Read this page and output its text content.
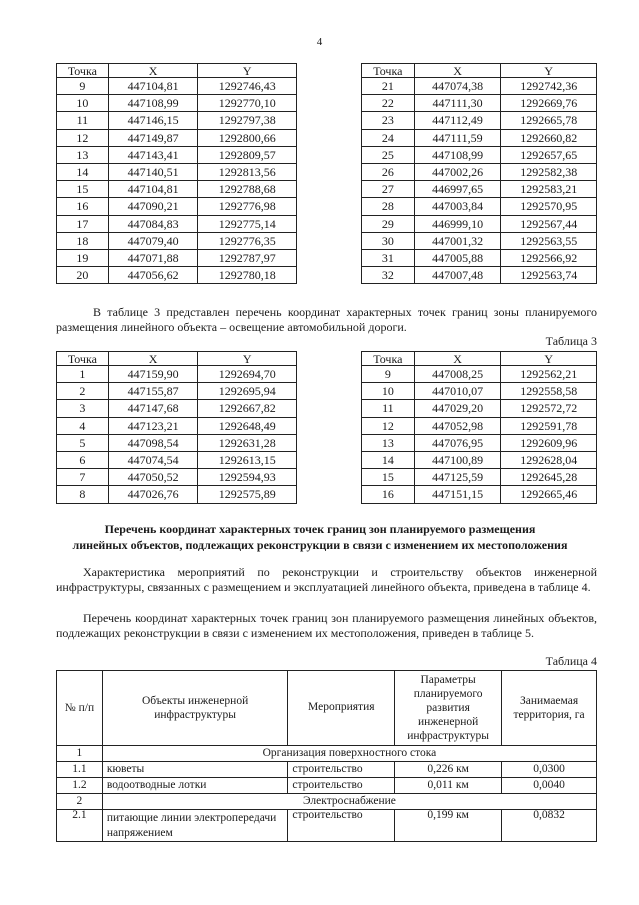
4
Точка	X	Y
9	447104,81	1292746,43
10	447108,99	1292770,10
11	447146,15	1292797,38
12	447149,87	1292800,66
13	447143,41	1292809,57
14	447140,51	1292813,56
15	447104,81	1292788,68
16	447090,21	1292776,98
17	447084,83	1292775,14
18	447079,40	1292776,35
19	447071,88	1292787,97
20	447056,62	1292780,18
Точка	X	Y
21	447074,38	1292742,36
22	447111,30	1292669,76
23	447112,49	1292665,78
24	447111,59	1292660,82
25	447108,99	1292657,65
26	447002,26	1292582,38
27	446997,65	1292583,21
28	447003,84	1292570,95
29	446999,10	1292567,44
30	447001,32	1292563,55
31	447005,88	1292566,92
32	447007,48	1292563,74
В таблице 3 представлен перечень координат характерных точек границ зоны планируемого размещения линейного объекта – освещение автомобильной дороги.
Таблица 3
Точка	X	Y
1	447159,90	1292694,70
2	447155,87	1292695,94
3	447147,68	1292667,82
4	447123,21	1292648,49
5	447098,54	1292631,28
6	447074,54	1292613,15
7	447050,52	1292594,93
8	447026,76	1292575,89
Точка	X	Y
9	447008,25	1292562,21
10	447010,07	1292558,58
11	447029,20	1292572,72
12	447052,98	1292591,78
13	447076,95	1292609,96
14	447100,89	1292628,04
15	447125,59	1292645,28
16	447151,15	1292665,46
Перечень координат характерных точек границ зон планируемого размещения
линейных объектов, подлежащих реконструкции в связи с изменением их местоположения
Характеристика мероприятий по реконструкции и строительству объектов инженерной инфраструктуры, связанных с размещением и эксплуатацией линейного объекта, приведена в таблице 4.
Перечень координат характерных точек границ зон планируемого размещения линейных объектов, подлежащих реконструкции в связи с изменением их местоположения, приведен в таблице 5.
Таблица 4
№ п/п	Объекты инженерной инфраструктуры	Мероприятия	Параметры планируемого развития инженерной инфраструктуры	Занимаемая территория, га
1	Организация поверхностного стока			
1.1	кюветы	строительство	0,226 км	0,0300
1.2	водоотводные лотки	строительство	0,011 км	0,0040
2	Электроснабжение			
2.1	питающие линии электропередачи напряжением	строительство	0,199 км	0,0832
